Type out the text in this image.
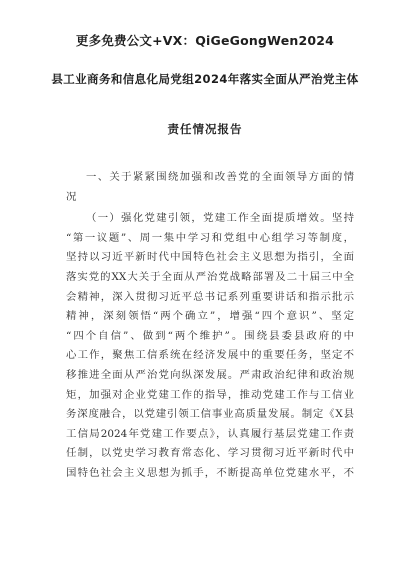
更多免费公文+VX：QiGeGongWen2024
县工业商务和信息化局党组2024年落实全面从严治党主体
责任情况报告
一、关于紧紧围绕加强和改善党的全面领导方面的情
况
（一）强化党建引领，党建工作全面提质增效。坚持
“第一议题”、周一集中学习和党组中心组学习等制度，
坚持以习近平新时代中国特色社会主义思想为指引，全面
落实党的XX大关于全面从严治党战略部署及二十届三中全
会精神，深入贯彻习近平总书记系列重要讲话和指示批示
精神，深刻领悟“两个确立”，增强“四个意识”、坚定
“四个自信”、做到“两个维护”。围绕县委县政府的中
心工作，聚焦工信系统在经济发展中的重要任务，坚定不
移推进全面从严治党向纵深发展。严肃政治纪律和政治规
矩，加强对企业党建工作的指导，推动党建工作与工信业
务深度融合，以党建引领工信事业高质量发展。制定《X县
工信局2024年党建工作要点》，认真履行基层党建工作责
任制，以党史学习教育常态化、学习贯彻习近平新时代中
国特色社会主义思想为抓手，不断提高单位党建水平，不
